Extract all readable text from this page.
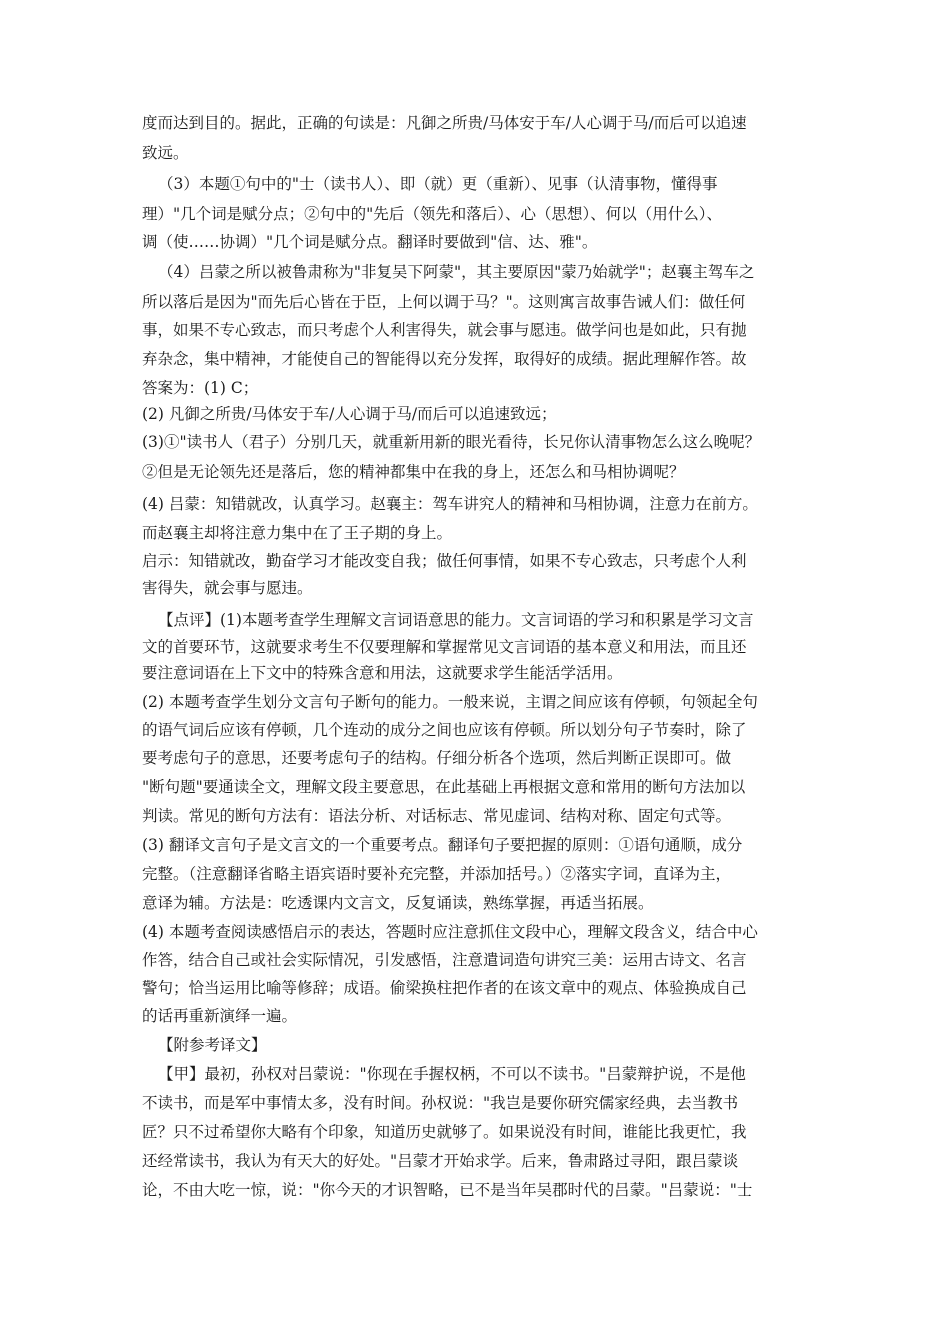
度而达到目的。据此，正确的句读是：凡御之所贵/马体安于车/人心调于马/而后可以追速
致远。
（3）本题①句中的"士（读书人）、即（就）更（重新）、见事（认清事物，懂得事
理）"几个词是赋分点；②句中的"先后（领先和落后）、心（思想）、何以（用什么）、
调（使……协调）"几个词是赋分点。翻译时要做到"信、达、雅"。
（4）吕蒙之所以被鲁肃称为"非复吴下阿蒙"，其主要原因"蒙乃始就学"；赵襄主驾车之
所以落后是因为"而先后心皆在于臣，上何以调于马？"。这则寓言故事告诫人们：做任何
事，如果不专心致志，而只考虑个人利害得失，就会事与愿违。做学问也是如此，只有抛
弃杂念，集中精神，才能使自己的智能得以充分发挥，取得好的成绩。据此理解作答。故
答案为：(1) C；
(2) 凡御之所贵/马体安于车/人心调于马/而后可以追速致远；
(3)①"读书人（君子）分别几天，就重新用新的眼光看待，长兄你认清事物怎么这么晚呢？
②但是无论领先还是落后，您的精神都集中在我的身上，还怎么和马相协调呢？
(4) 吕蒙：知错就改，认真学习。赵襄主：驾车讲究人的精神和马相协调，注意力在前方。
而赵襄主却将注意力集中在了王子期的身上。
启示：知错就改，勤奋学习才能改变自我；做任何事情，如果不专心致志，只考虑个人利
害得失，就会事与愿违。
【点评】(1)本题考查学生理解文言词语意思的能力。文言词语的学习和积累是学习文言
文的首要环节，这就要求考生不仅要理解和掌握常见文言词语的基本意义和用法，而且还
要注意词语在上下文中的特殊含意和用法，这就要求学生能活学活用。
(2) 本题考查学生划分文言句子断句的能力。一般来说，主谓之间应该有停顿，句领起全句
的语气词后应该有停顿，几个连动的成分之间也应该有停顿。所以划分句子节奏时，除了
要考虑句子的意思，还要考虑句子的结构。仔细分析各个选项，然后判断正误即可。做
"断句题"要通读全文，理解文段主要意思，在此基础上再根据文意和常用的断句方法加以
判读。常见的断句方法有：语法分析、对话标志、常见虚词、结构对称、固定句式等。
(3) 翻译文言句子是文言文的一个重要考点。翻译句子要把握的原则：①语句通顺，成分
完整。（注意翻译省略主语宾语时要补充完整，并添加括号。）②落实字词，直译为主，
意译为辅。方法是：吃透课内文言文，反复诵读，熟练掌握，再适当拓展。
(4) 本题考查阅读感悟启示的表达，答题时应注意抓住文段中心，理解文段含义，结合中心
作答，结合自己或社会实际情况，引发感悟，注意遣词造句讲究三美：运用古诗文、名言
警句；恰当运用比喻等修辞；成语。偷梁换柱把作者的在该文章中的观点、体验换成自己
的话再重新演绎一遍。
【附参考译文】
【甲】最初，孙权对吕蒙说："你现在手握权柄，不可以不读书。"吕蒙辩护说，不是他
不读书，而是军中事情太多，没有时间。孙权说："我岂是要你研究儒家经典，去当教书
匠？只不过希望你大略有个印象，知道历史就够了。如果说没有时间，谁能比我更忙，我
还经常读书，我认为有天大的好处。"吕蒙才开始求学。后来，鲁肃路过寻阳，跟吕蒙谈
论，不由大吃一惊，说："你今天的才识智略，已不是当年吴郡时代的吕蒙。"吕蒙说："士
